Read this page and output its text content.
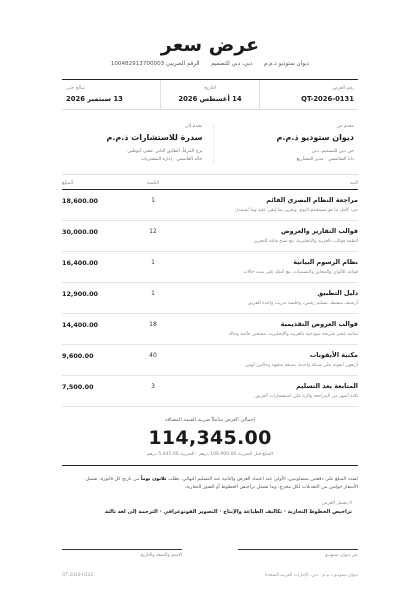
عرض سعر
ديوان ستوديو ذ.م.م · دبي، دبي للتصميم · الرقم الضريبي 100482913700003
رقم العرض
QT-2026-0131
التاريخ
14 أغسطس 2026
صالح حتى
13 سبتمبر 2026
مقدم من
ديوان ستوديو ذ.م.م
حي دبي للتصميم، دبي
دانا الشامسي · مدير المشاريع
مقدم إلى
سدرة للاستشارات ذ.م.م
برج المرفأ، الطابق الثاني عشر، أبوظبي
خالد القاسمي · إدارة المشتريات
البند
الكمية
المبلغ
مراجعة النظام البصري القائم
جرد كامل ما هو مستخدم اليوم، وتقرير بما يُبقى عليه وما يُستبدل
1
18,600.00
قوالب التقارير والعروض
أنظمة قوالب بالعربية والإنجليزية، مع نسخ قابلة للتحرير
12
30,000.00
نظام الرسوم البيانية
قواعد للألوان والمحاور والتسميات، مع أمثلة على ست حالات
1
16,400.00
دليل التطبيق
أرشيف منشط، تسليم رقمي، وجلسة تدريب واحدة للفريق
1
12,900.00
قوالب العروض التقديمية
ثمانية عشر شريحة نموذجية بالعربية والإنجليزية، بتسخين قائمة وحالة
18
14,400.00
مكتبة الأيقونات
أربعون أيقونة على شبكة واحدة، بصيغة متجهة وحالتين لونين
40
9,600.00
المتابعة بعد التسليم
ثلاثة أشهر من المراجعة والرد على استفسارات الفريق
3
7,500.00
إجمالي العرض شاملاً ضريبة القيمة المضافة
114,345.00
المبلغ قبل الضريبة 108,900.00 درهم · الضريبة 5,445.00 درهم
يُسدد المبلغ على دفعتين متساويتين، الأولى عند اعتماد العرض والثانية عند التسليم النهائي. تطلب ثلاثون يوماً من تاريخ كل فاتورة. تشمل
الأسعار جولتين من التعديلات لكل مخرج، وما تشمل تراخيص الخطوط أو الصور التجارية.
لا يشمل العرض
تراخيص الخطوط التجارية · تكاليف الطباعة والإنتاج · التصوير الفوتوغرافي · الترجمة إلى لغة ثالثة
عن ديوان ستوديو
الاسم والصفة والتاريخ
ديوان ستوديو ذ.م.م · دبي، الإمارات العربية المتحدة
QT-2026-0131
